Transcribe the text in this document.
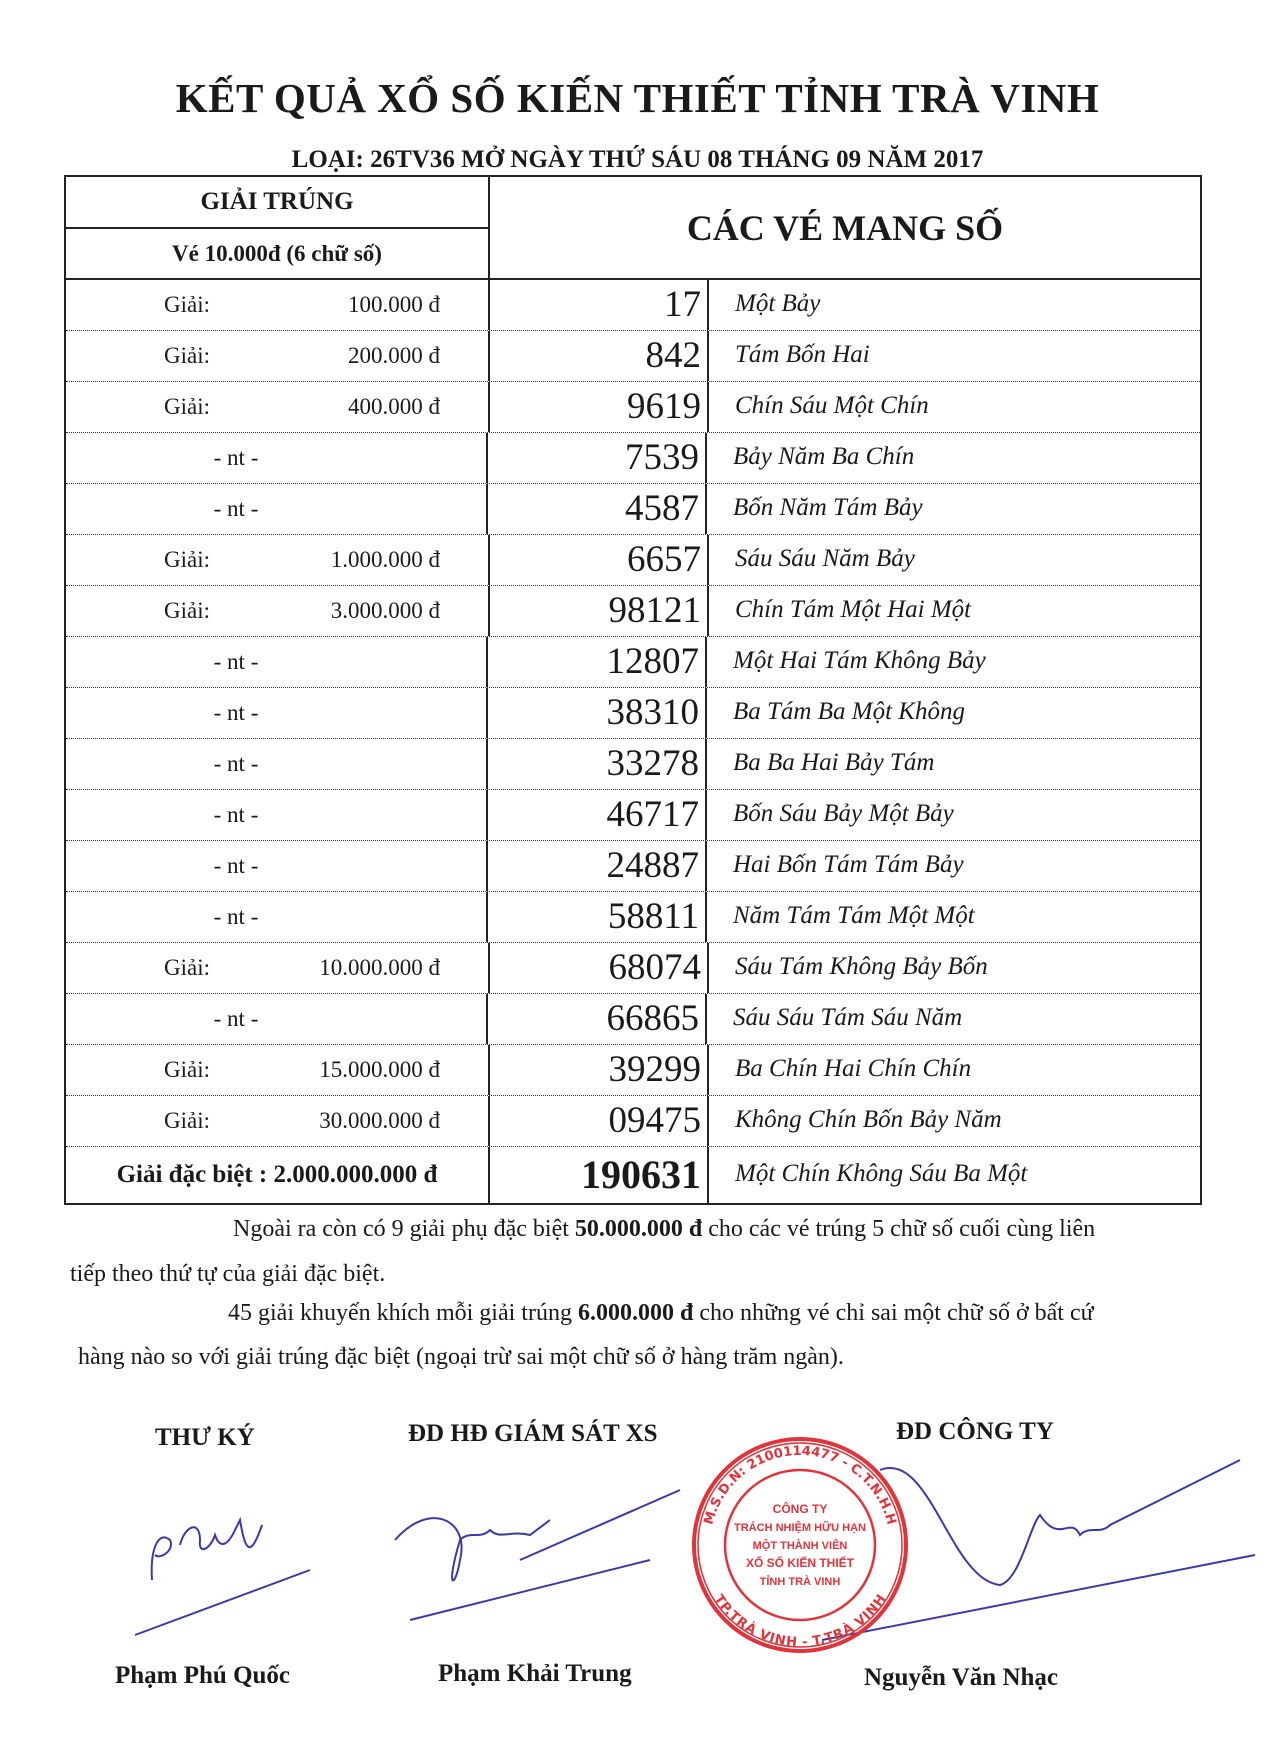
KẾT QUẢ XỔ SỐ KIẾN THIẾT TỈNH TRÀ VINH
LOẠI: 26TV36 MỞ NGÀY THỨ SÁU 08 THÁNG 09 NĂM 2017
GIẢI TRÚNG
Vé 10.000đ (6 chữ số)
CÁC VÉ MANG SỐ
Giải:	100.000 đ	17	Một Bảy
Giải:	200.000 đ	842	Tám Bốn Hai
Giải:	400.000 đ	9619	Chín Sáu Một Chín
- nt -	7539	Bảy Năm Ba Chín
- nt -	4587	Bốn Năm Tám Bảy
Giải:	1.000.000 đ	6657	Sáu Sáu Năm Bảy
Giải:	3.000.000 đ	98121	Chín Tám Một Hai Một
- nt -	12807	Một Hai Tám Không Bảy
- nt -	38310	Ba Tám Ba Một Không
- nt -	33278	Ba Ba Hai Bảy Tám
- nt -	46717	Bốn Sáu Bảy Một Bảy
- nt -	24887	Hai Bốn Tám Tám Bảy
- nt -	58811	Năm Tám Tám Một Một
Giải:	10.000.000 đ	68074	Sáu Tám Không Bảy Bốn
- nt -	66865	Sáu Sáu Tám Sáu Năm
Giải:	15.000.000 đ	39299	Ba Chín Hai Chín Chín
Giải:	30.000.000 đ	09475	Không Chín Bốn Bảy Năm
Giải đặc biệt : 2.000.000.000 đ	190631	Một Chín Không Sáu Ba Một
Ngoài ra còn có 9 giải phụ đặc biệt 50.000.000 đ cho các vé trúng 5 chữ số cuối cùng liên
tiếp theo thứ tự của giải đặc biệt.
45 giải khuyến khích mỗi giải trúng 6.000.000 đ cho những vé chỉ sai một chữ số ở bất cứ
hàng nào so với giải trúng đặc biệt (ngoại trừ sai một chữ số ở hàng trăm ngàn).
THƯ KÝ	ĐD HĐ GIÁM SÁT XS	ĐD CÔNG TY
M.S.D.N: 2100114477 - C.T.N.H.H
TP.TRÀ VINH - T.TRÀ VINH
CÔNG TY
TRÁCH NHIỆM HỮU HẠN
MỘT THÀNH VIÊN
XỔ SỐ KIẾN THIẾT
TỈNH TRÀ VINH
Phạm Phú Quốc	Phạm Khải Trung	Nguyễn Văn Nhạc
